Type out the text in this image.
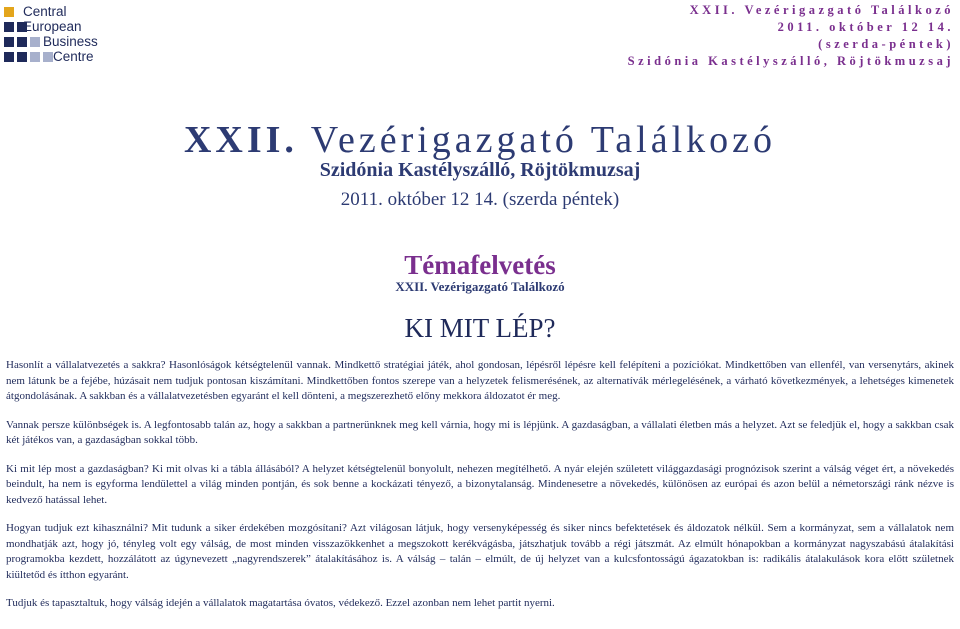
Central
European
Business
Centre
XXII. Vezérigazgató Találkozó
2011. október 12 14.
(szerda-péntek)
Szidónia Kastélyszálló, Röjtökmuzsaj
XXII. Vezérigazgató Találkozó
Szidónia Kastélyszálló, Röjtökmuzsaj
2011. október 12 14. (szerda péntek)
Témafelvetés
XXII. Vezérigazgató Találkozó
KI MIT LÉP?

Hasonlít a vállalatvezetés a sakkra? Hasonlóságok kétségtelenül vannak. Mindkettő stratégiai játék, ahol gondosan, lépésről lépésre kell felépíteni a pozíciókat. Mindkettőben van ellenfél, van versenytárs, akinek nem látunk be a fejébe, húzásait nem tudjuk pontosan kiszámítani. Mindkettőben fontos szerepe van a helyzetek felismerésének, az alternatívák mérlegelésének, a várható következmények, a lehetséges kimenetek átgondolásának. A sakkban és a vállalatvezetésben egyaránt el kell dönteni, a megszerezhető előny mekkora áldozatot ér meg.

Vannak persze különbségek is. A legfontosabb talán az, hogy a sakkban a partnerünknek meg kell várnia, hogy mi is lépjünk. A gazdaságban, a vállalati életben más a helyzet. Azt se feledjük el, hogy a sakkban csak két játékos van, a gazdaságban sokkal több.

Ki mit lép most a gazdaságban? Ki mit olvas ki a tábla állásából? A helyzet kétségtelenül bonyolult, nehezen megítélhető. A nyár elején született világgazdasági prognózisok szerint a válság véget ért, a növekedés beindult, ha nem is egyforma lendülettel a világ minden pontján, és sok benne a kockázati tényező, a bizonytalanság. Mindenesetre a növekedés, különösen az európai és azon belül a németországi ránk nézve is kedvező hatással lehet.

Hogyan tudjuk ezt kihasználni? Mit tudunk a siker érdekében mozgósítani? Azt világosan látjuk, hogy versenyképesség és siker nincs befektetések és áldozatok nélkül. Sem a kormányzat, sem a vállalatok nem mondhatják azt, hogy jó, tényleg volt egy válság, de most minden visszazökkenhet a megszokott kerékvágásba, játszhatjuk tovább a régi játszmát. Az elmúlt hónapokban a kormányzat nagyszabású átalakítási programokba kezdett, hozzálátott az úgynevezett „nagyrendszerek” átalakításához is. A válság – talán – elmúlt, de új helyzet van a kulcsfontosságú ágazatokban is: radikális átalakulások kora előtt születnek kiültetőd és ítthon egyaránt.

Tudjuk és tapasztaltuk, hogy válság idején a vállalatok magatartása óvatos, védekező. Ezzel azonban nem lehet partit nyerni.
